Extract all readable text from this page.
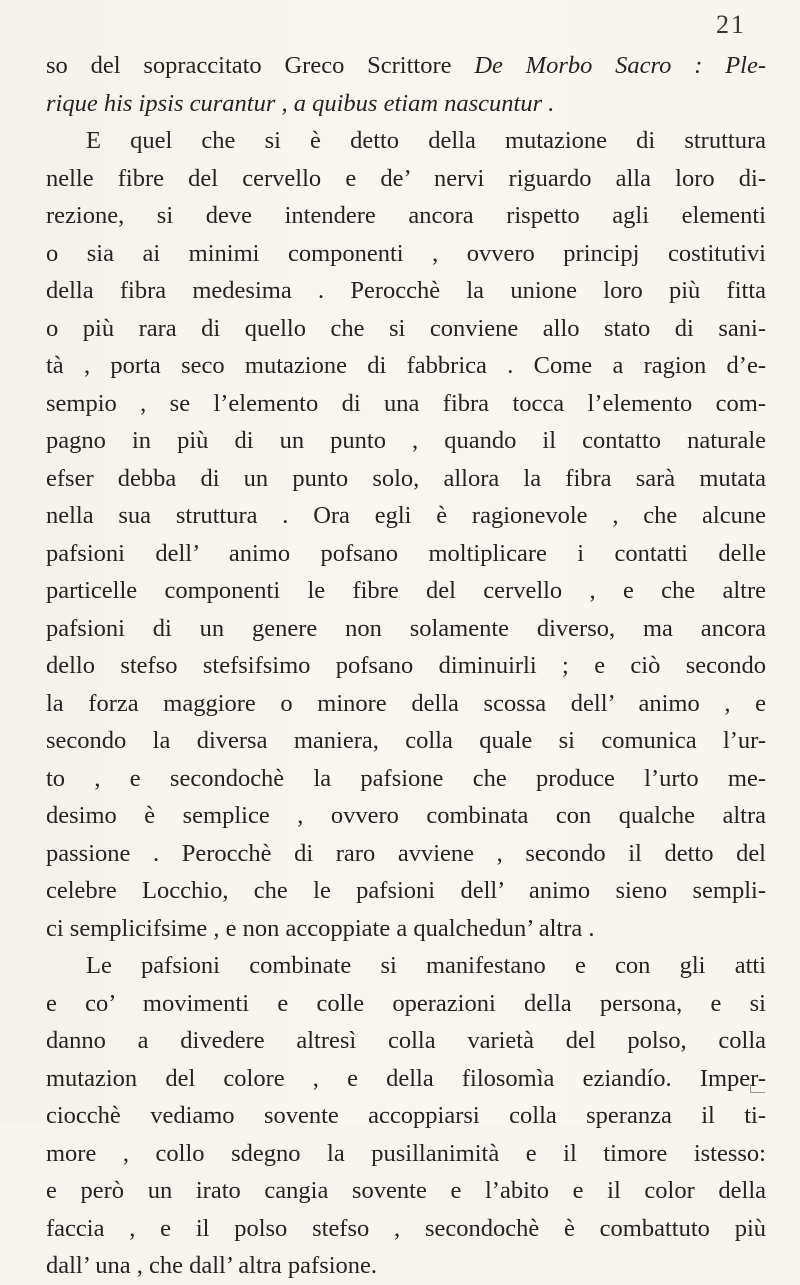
21
so del sopraccitato Greco Scrittore De Morbo Sacro : Ple-
rique his ipsis curantur , a quibus etiam nascuntur .
E quel che si è detto della mutazione di struttura
nelle fibre del cervello e de’ nervi riguardo alla loro di-
rezione, si deve intendere ancora rispetto agli elementi
o sia ai minimi componenti , ovvero principj costitutivi
della fibra medesima . Perocchè la unione loro più fitta
o più rara di quello che si conviene allo stato di sani-
tà , porta seco mutazione di fabbrica . Come a ragion d’e-
sempio , se l’elemento di una fibra tocca l’elemento com-
pagno in più di un punto , quando il contatto naturale
efser debba di un punto solo, allora la fibra sarà mutata
nella sua struttura . Ora egli è ragionevole , che alcune
pafsioni dell’ animo pofsano moltiplicare i contatti delle
particelle componenti le fibre del cervello , e che altre
pafsioni di un genere non solamente diverso, ma ancora
dello stefso stefsifsimo pofsano diminuirli ; e ciò secondo
la forza maggiore o minore della scossa dell’ animo , e
secondo la diversa maniera, colla quale si comunica l’ur-
to , e secondochè la pafsione che produce l’urto me-
desimo è semplice , ovvero combinata con qualche altra
passione . Perocchè di raro avviene , secondo il detto del
celebre Locchio, che le pafsioni dell’ animo sieno sempli-
ci semplicifsime , e non accoppiate a qualchedun’ altra .
Le pafsioni combinate si manifestano e con gli atti
e co’ movimenti e colle operazioni della persona, e si
danno a divedere altresì colla varietà del polso, colla
mutazion del colore , e della filosomìa eziandío. Imper-
ciocchè vediamo sovente accoppiarsi colla speranza il ti-
more , collo sdegno la pusillanimità e il timore istesso:
e però un irato cangia sovente e l’abito e il color della
faccia , e il polso stefso , secondochè è combattuto più
dall’ una , che dall’ altra pafsione.
